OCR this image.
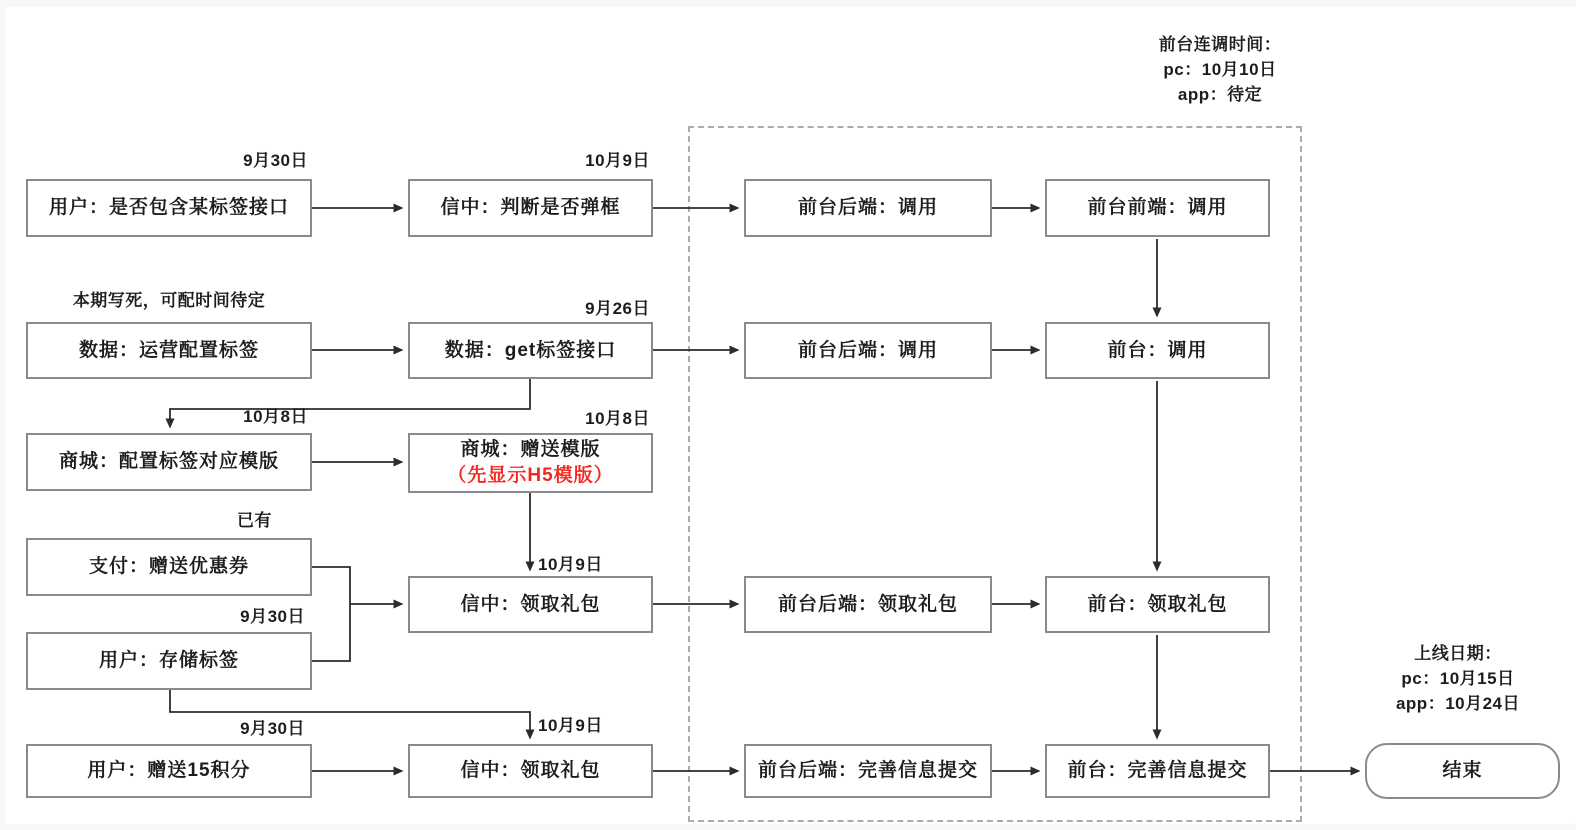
用户：是否包含某标签接口	信中：判断是否弹框	前台后端：调用	前台前端：调用
数据：运营配置标签	数据：get标签接口	前台后端：调用	前台：调用
商城：配置标签对应模版
商城：赠送模版
（先显示H5模版）
支付：赠送优惠券
信中：领取礼包	前台后端：领取礼包	前台：领取礼包
用户：存储标签
用户：赠送15积分	信中：领取礼包	前台后端：完善信息提交	前台：完善信息提交	结束
9月30日	10月9日
本期写死，可配时间待定	9月26日
10月8日	10月8日
已有
10月9日
9月30日
9月30日	10月9日
前台连调时间：
pc：10月10日
app：待定
上线日期：
pc：10月15日
app：10月24日
